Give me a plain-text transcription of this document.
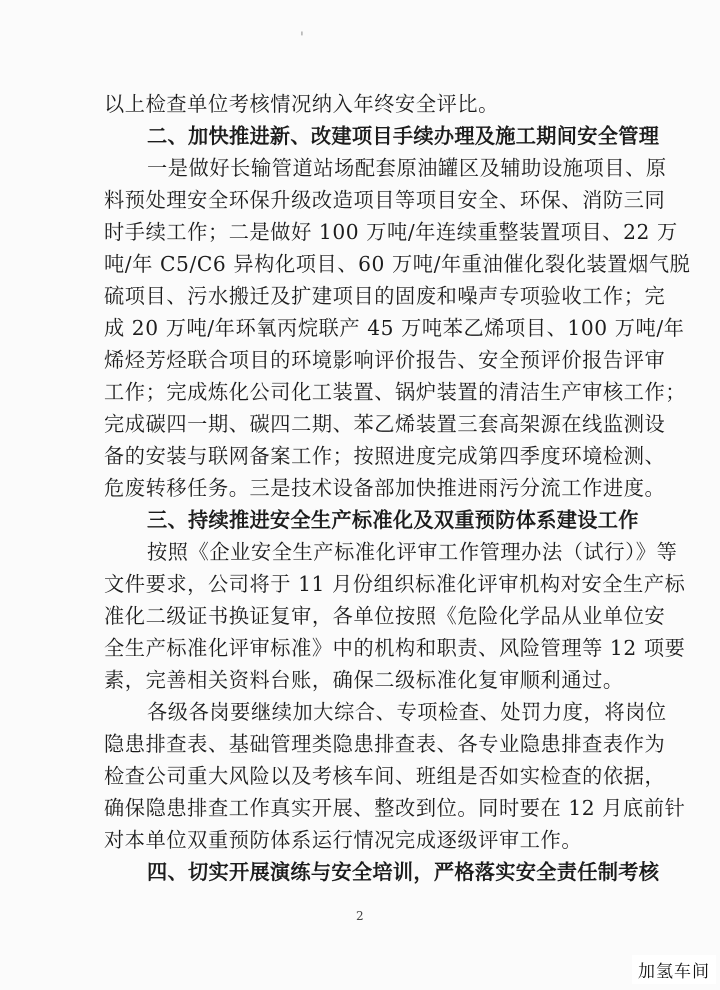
'
以上检查单位考核情况纳入年终安全评比。
二、加快推进新、改建项目手续办理及施工期间安全管理
一是做好长输管道站场配套原油罐区及辅助设施项目、原
料预处理安全环保升级改造项目等项目安全、环保、消防三同
时手续工作；二是做好 100 万吨/年连续重整装置项目、22 万
吨/年 C5/C6 异构化项目、60 万吨/年重油催化裂化装置烟气脱
硫项目、污水搬迁及扩建项目的固废和噪声专项验收工作；完
成 20 万吨/年环氧丙烷联产 45 万吨苯乙烯项目、100 万吨/年
烯烃芳烃联合项目的环境影响评价报告、安全预评价报告评审
工作；完成炼化公司化工装置、锅炉装置的清洁生产审核工作；
完成碳四一期、碳四二期、苯乙烯装置三套高架源在线监测设
备的安装与联网备案工作；按照进度完成第四季度环境检测、
危废转移任务。三是技术设备部加快推进雨污分流工作进度。
三、持续推进安全生产标准化及双重预防体系建设工作
按照《企业安全生产标准化评审工作管理办法（试行）》等
文件要求，公司将于 11 月份组织标准化评审机构对安全生产标
准化二级证书换证复审，各单位按照《危险化学品从业单位安
全生产标准化评审标准》中的机构和职责、风险管理等 12 项要
素，完善相关资料台账，确保二级标准化复审顺利通过。
各级各岗要继续加大综合、专项检查、处罚力度，将岗位
隐患排查表、基础管理类隐患排查表、各专业隐患排查表作为
检查公司重大风险以及考核车间、班组是否如实检查的依据，
确保隐患排查工作真实开展、整改到位。同时要在 12 月底前针
对本单位双重预防体系运行情况完成逐级评审工作。
四、切实开展演练与安全培训，严格落实安全责任制考核
2
加氢车间
